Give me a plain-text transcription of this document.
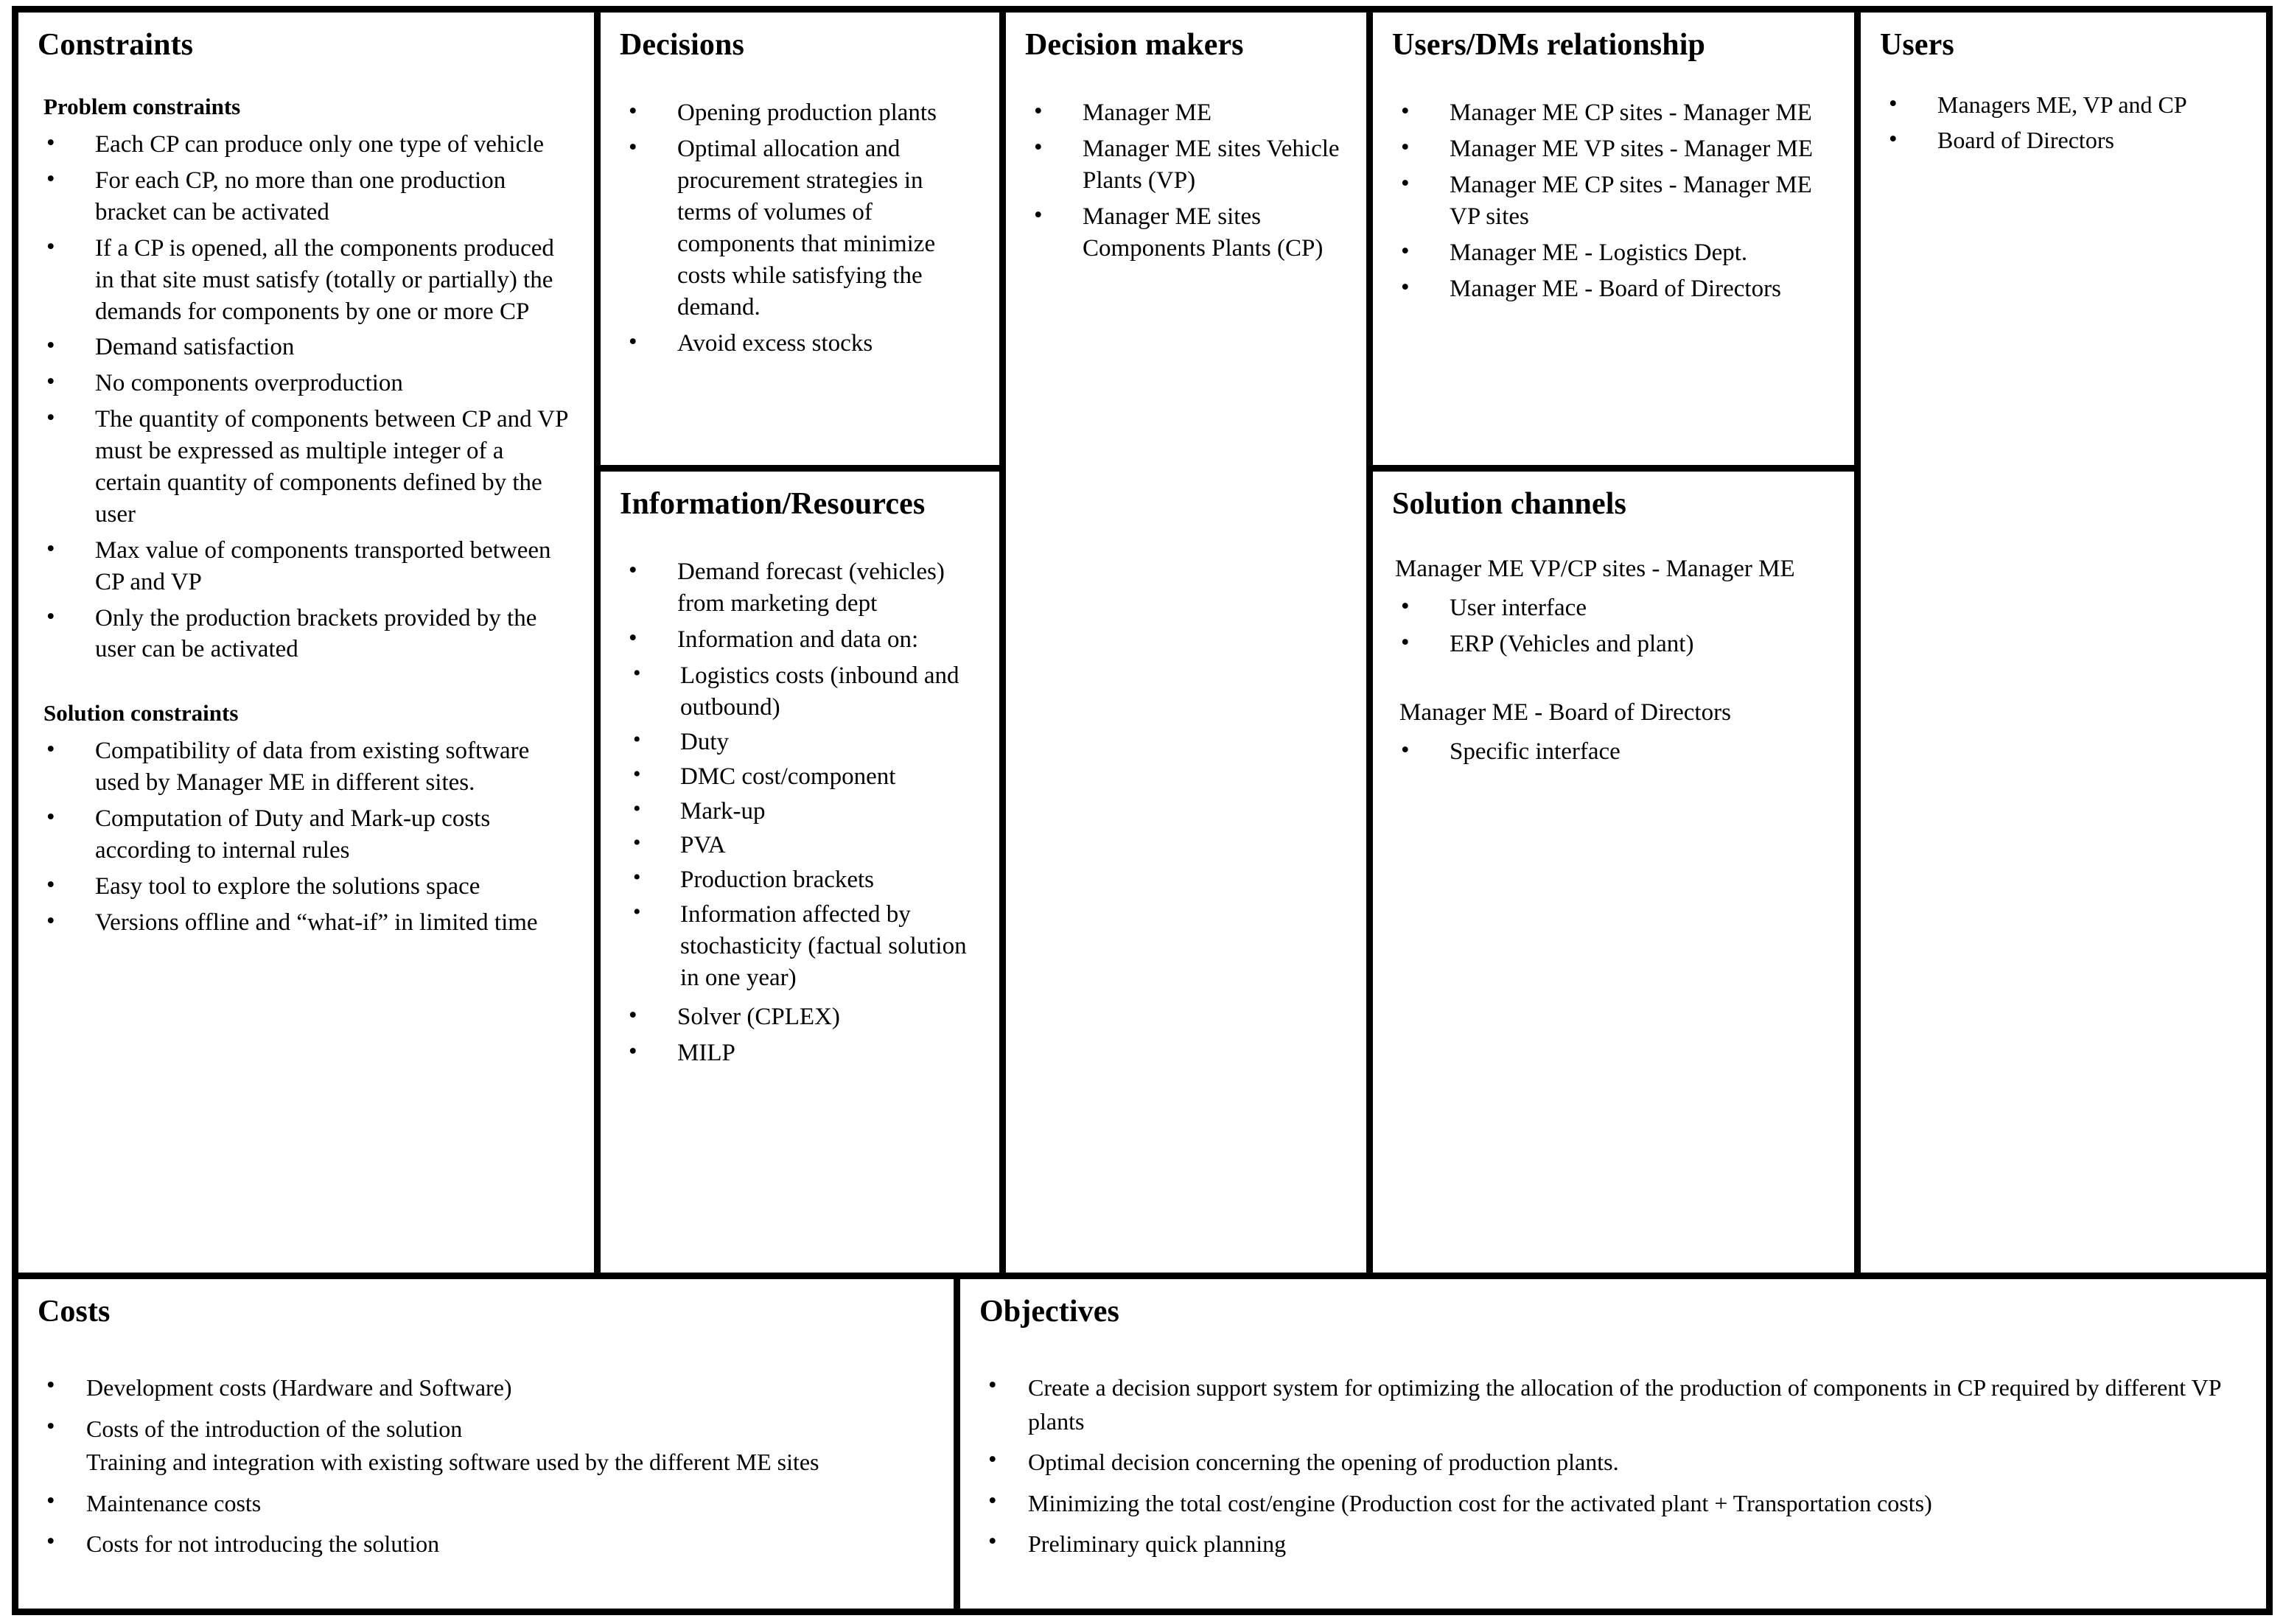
Constraints
Problem constraints
• Each CP can produce only one type of vehicle
• For each CP, no more than one production bracket can be activated
• If a CP is opened, all the components produced in that site must satisfy (totally or partially) the demands for components by one or more CP
• Demand satisfaction
• No components overproduction
• The quantity of components between CP and VP must be expressed as multiple integer of a certain quantity of components defined by the user
• Max value of components transported between CP and VP
• Only the production brackets provided by the user can be activated
Solution constraints
• Compatibility of data from existing software used by Manager ME in different sites.
• Computation of Duty and Mark-up costs according to internal rules
• Easy tool to explore the solutions space
• Versions offline and “what-if” in limited time
Decisions
• Opening production plants
• Optimal allocation and procurement strategies in terms of volumes of components that minimize costs while satisfying the demand.
• Avoid excess stocks
Information/Resources
• Demand forecast (vehicles) from marketing dept
• Information and data on:
• Logistics costs (inbound and outbound)
• Duty
• DMC cost/component
• Mark-up
• PVA
• Production brackets
• Information affected by stochasticity (factual solution in one year)
• Solver (CPLEX)
• MILP
Decision makers
• Manager ME
• Manager ME sites Vehicle Plants (VP)
• Manager ME sites Components Plants (CP)
Users/DMs relationship
• Manager ME CP sites - Manager ME
• Manager ME VP sites - Manager ME
• Manager ME CP sites - Manager ME VP sites
• Manager ME - Logistics Dept.
• Manager ME - Board of Directors
Solution channels
Manager ME VP/CP sites - Manager ME
• User interface
• ERP (Vehicles and plant)
Manager ME - Board of Directors
• Specific interface
Users
• Managers ME, VP and CP
• Board of Directors
Costs
• Development costs (Hardware and Software)
• Costs of the introduction of the solution
Training and integration with existing software used by the different ME sites
• Maintenance costs
• Costs for not introducing the solution
Objectives
• Create a decision support system for optimizing the allocation of the production of components in CP required by different VP plants
• Optimal decision concerning the opening of production plants.
• Minimizing the total cost/engine (Production cost for the activated plant + Transportation costs)
• Preliminary quick planning
